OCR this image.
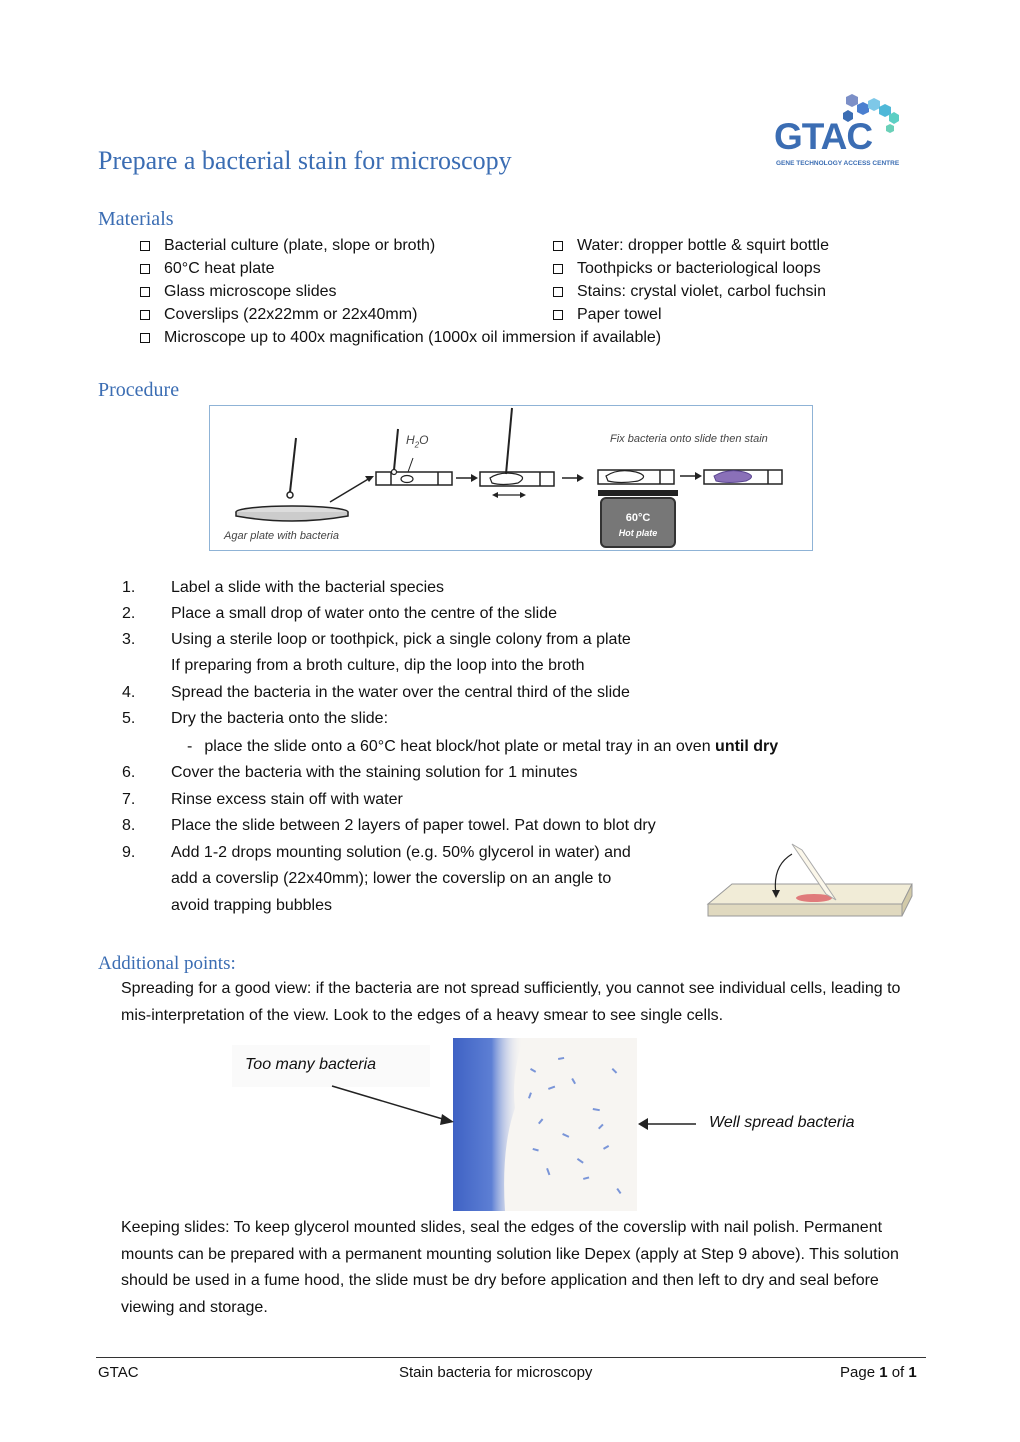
Prepare a bacterial stain for microscopy
GTAC
GENE TECHNOLOGY ACCESS CENTRE
Materials
Bacterial culture (plate, slope or broth)
60°C heat plate
Glass microscope slides
Coverslips (22x22mm or 22x40mm)
Microscope up to 400x magnification (1000x oil immersion if available)
Water: dropper bottle & squirt bottle
Toothpicks or bacteriological loops
Stains: crystal violet, carbol fuchsin
Paper towel
Procedure
$H_2O$	Fix bacteria onto slide then stain
Agar plate with bacteria
60°C
Hot plate
1.	Label a slide with the bacterial species
2.	Place a small drop of water onto the centre of the slide
3.	Using a sterile loop or toothpick, pick a single colony from a plate
If preparing from a broth culture, dip the loop into the broth
4.	Spread the bacteria in the water over the central third of the slide
5.	Dry the bacteria onto the slide:
- place the slide onto a 60°C heat block/hot plate or metal tray in an oven until dry
6.	Cover the bacteria with the staining solution for 1 minutes
7.	Rinse excess stain off with water
8.	Place the slide between 2 layers of paper towel. Pat down to blot dry
9.	Add 1-2 drops mounting solution (e.g. 50% glycerol in water) and
add a coverslip (22x40mm); lower the coverslip on an angle to
avoid trapping bubbles
Additional points:
Spreading for a good view: if the bacteria are not spread sufficiently, you cannot see individual cells, leading to mis-interpretation of the view. Look to the edges of a heavy smear to see single cells.
Too many bacteria
Well spread bacteria
Keeping slides: To keep glycerol mounted slides, seal the edges of the coverslip with nail polish. Permanent mounts can be prepared with a permanent mounting solution like Depex (apply at Step 9 above). This solution should be used in a fume hood, the slide must be dry before application and then left to dry and seal before viewing and storage.
GTAC	Stain bacteria for microscopy	Page 1 of 1
